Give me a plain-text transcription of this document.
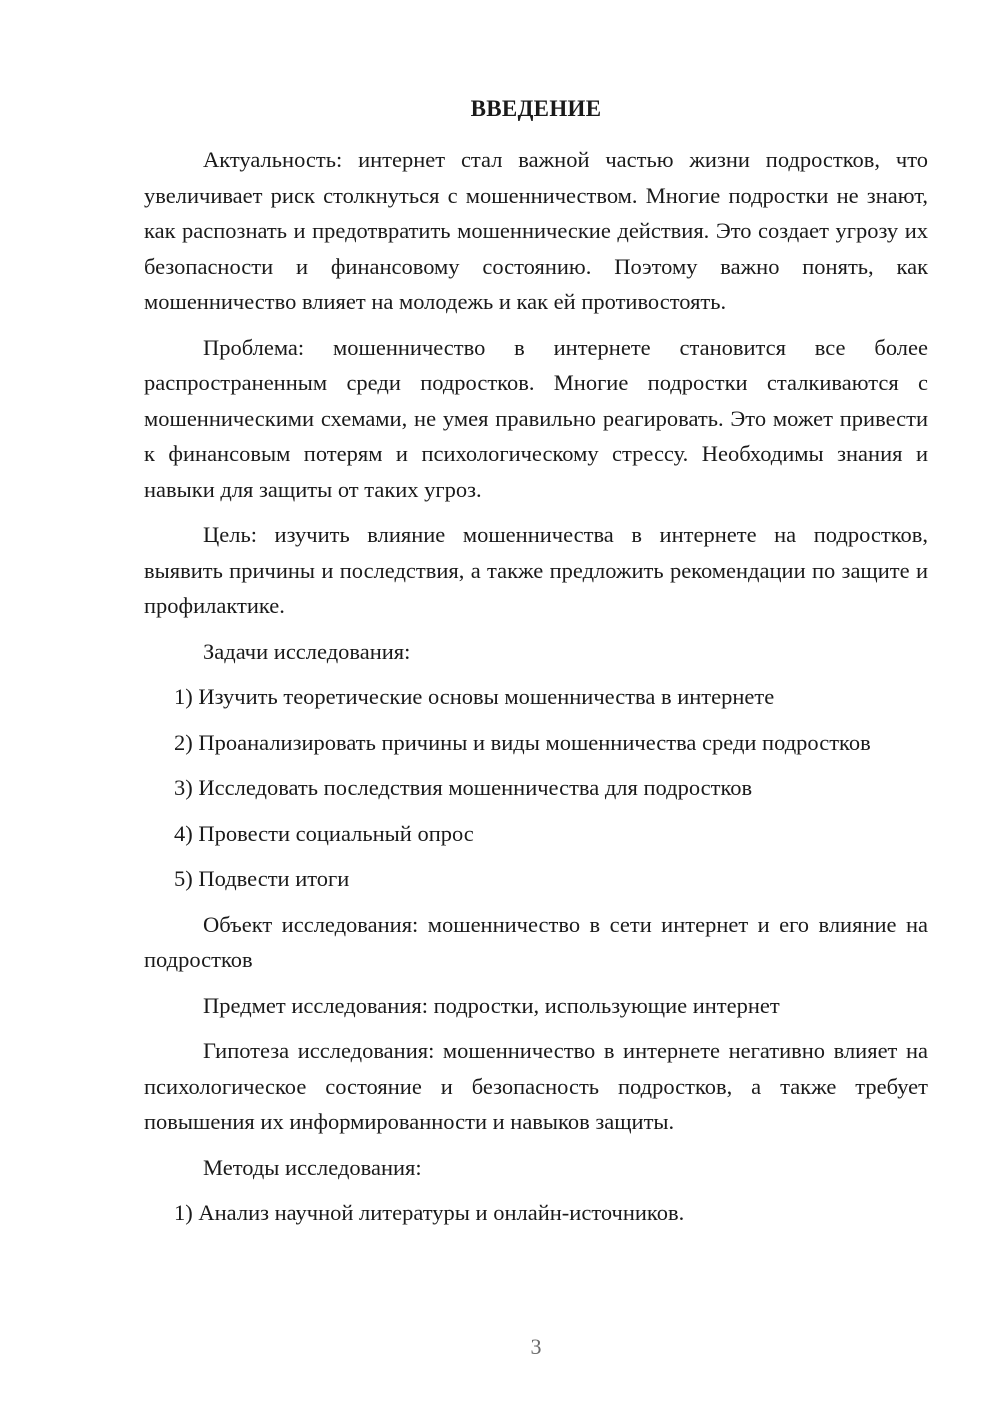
ВВЕДЕНИЕ

Актуальность: интернет стал важной частью жизни подростков, что увеличивает риск столкнуться с мошенничеством. Многие подростки не знают, как распознать и предотвратить мошеннические действия. Это создает угрозу их безопасности и финансовому состоянию. Поэтому важно понять, как мошенничество влияет на молодежь и как ей противостоять.

Проблема: мошенничество в интернете становится все более распространенным среди подростков. Многие подростки сталкиваются с мошенническими схемами, не умея правильно реагировать. Это может привести к финансовым потерям и психологическому стрессу. Необходимы знания и навыки для защиты от таких угроз.

Цель: изучить влияние мошенничества в интернете на подростков, выявить причины и последствия, а также предложить рекомендации по защите и профилактике.

Задачи исследования:

1) Изучить теоретические основы мошенничества в интернете

2) Проанализировать причины и виды мошенничества среди подростков

3) Исследовать последствия мошенничества для подростков

4) Провести социальный опрос

5) Подвести итоги

Объект исследования: мошенничество в сети интернет и его влияние на подростков

Предмет исследования: подростки, использующие интернет

Гипотеза исследования: мошенничество в интернете негативно влияет на психологическое состояние и безопасность подростков, а также требует повышения их информированности и навыков защиты.

Методы исследования:

1) Анализ научной литературы и онлайн-источников.

3
